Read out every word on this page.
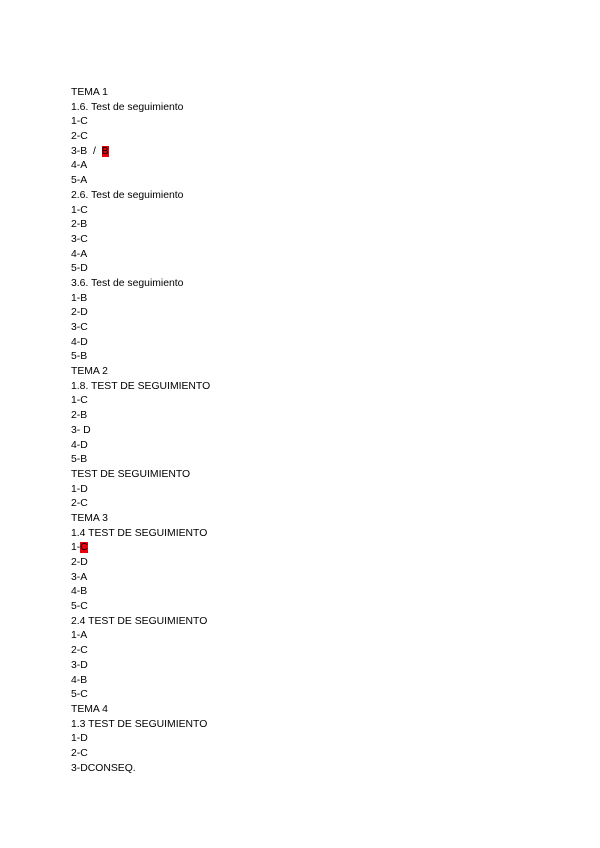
TEMA 1
1.6. Test de seguimiento
1-C
2-C
3-B  /  B
4-A
5-A
2.6. Test de seguimiento
1-C
2-B
3-C
4-A
5-D
3.6. Test de seguimiento
1-B
2-D
3-C
4-D
5-B
TEMA 2
1.8. TEST DE SEGUIMIENTO
1-C
2-B
3- D
4-D
5-B
TEST DE SEGUIMIENTO
1-D
2-C
TEMA 3
1.4 TEST DE SEGUIMIENTO
1-C
2-D
3-A
4-B
5-C
2.4 TEST DE SEGUIMIENTO
1-A
2-C
3-D
4-B
5-C
TEMA 4
1.3 TEST DE SEGUIMIENTO
1-D
2-C
3-DCONSEQ.
